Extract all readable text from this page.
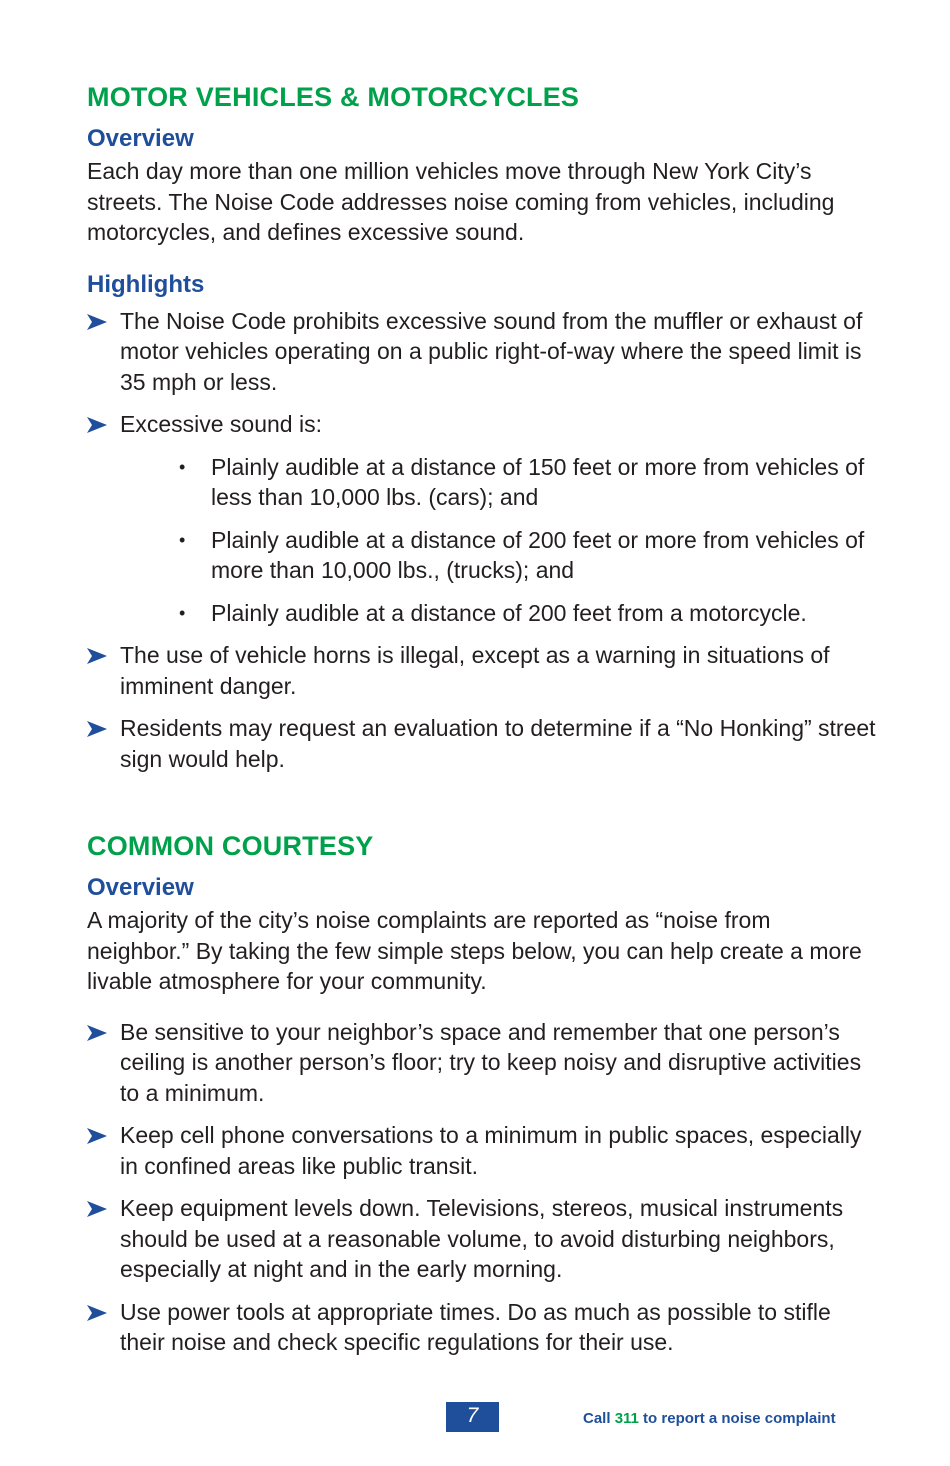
MOTOR VEHICLES & MOTORCYCLES
Overview

Each day more than one million vehicles move through New York City’s streets. The Noise Code addresses noise coming from vehicles, including motorcycles, and defines excessive sound.

Highlights
The Noise Code prohibits excessive sound from the muffler or exhaust of motor vehicles operating on a public right-of-way where the speed limit is 35 mph or less.
Excessive sound is:
• Plainly audible at a distance of 150 feet or more from vehicles of less than 10,000 lbs. (cars); and
• Plainly audible at a distance of 200 feet or more from vehicles of more than 10,000 lbs., (trucks); and
• Plainly audible at a distance of 200 feet from a motorcycle.
The use of vehicle horns is illegal, except as a warning in situations of imminent danger.
Residents may request an evaluation to determine if a “No Honking” street sign would help.
COMMON COURTESY
Overview

A majority of the city’s noise complaints are reported as “noise from neighbor.” By taking the few simple steps below, you can help create a more livable atmosphere for your community.

Be sensitive to your neighbor’s space and remember that one person’s ceiling is another person’s floor; try to keep noisy and disruptive activities to a minimum.
Keep cell phone conversations to a minimum in public spaces, especially in confined areas like public transit.
Keep equipment levels down. Televisions, stereos, musical instruments should be used at a reasonable volume, to avoid disturbing neighbors, especially at night and in the early morning.
Use power tools at appropriate times. Do as much as possible to stifle their noise and check specific regulations for their use.
7	Call 311 to report a noise complaint
